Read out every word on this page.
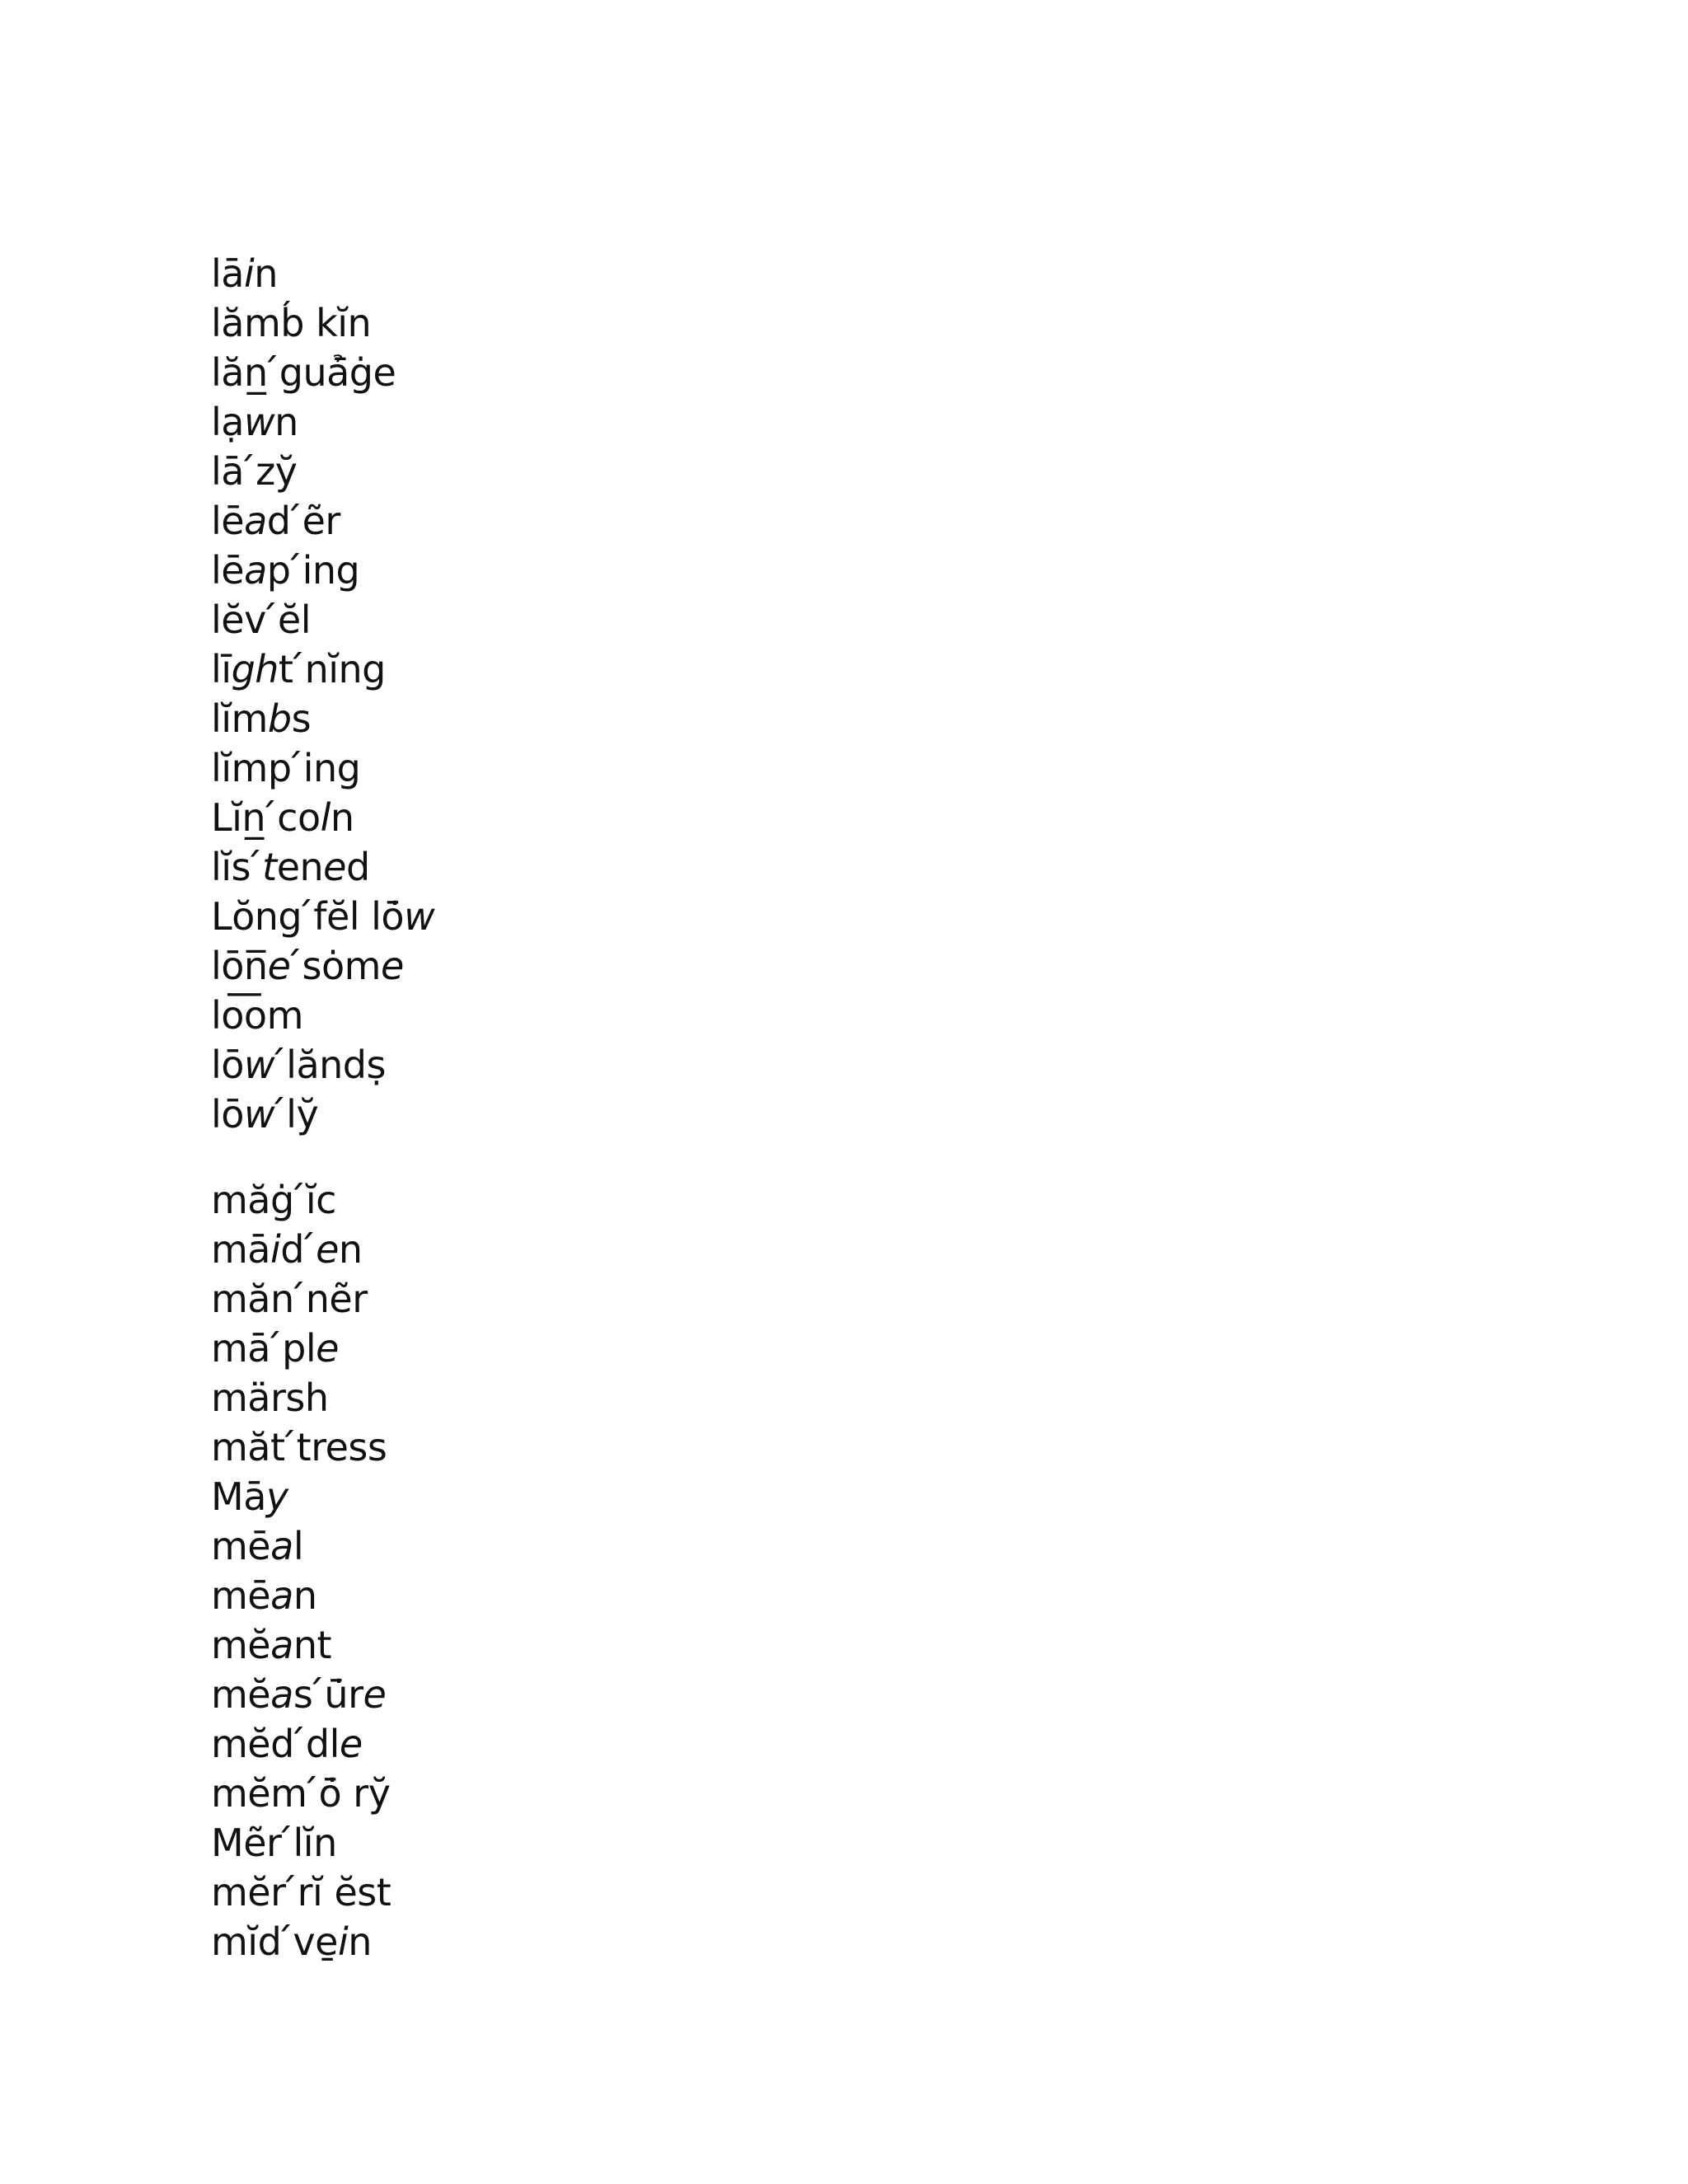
lāin
lămb́ kĭn
lăn̲ ́guả̄ġe
lạwn
lā ́zy̆
lēad ́ẽr
lēap ́ing
lĕv ́ĕl
līght ́nĭng
lĭmbs
lĭmp ́ing
Lĭn̲ ́coln
lĭs ́tened
Lŏng ́fĕl lō̇w
lōn̅e ́sȯme
lo͞om
lōw ́lăndṣ
lōw ́ly̆
măġ ́ĭc
māid ́en
măn ́nẽr
mā ́ple
märsh
măt ́tress
Māy
mēal
mēan
mĕant
mĕas ́ū̇re
mĕd ́dle
mĕm ́ō̇ ry̆
Mẽr ́lĭn
mĕr ́rĭ ĕst
mĭd ́ve̱in
